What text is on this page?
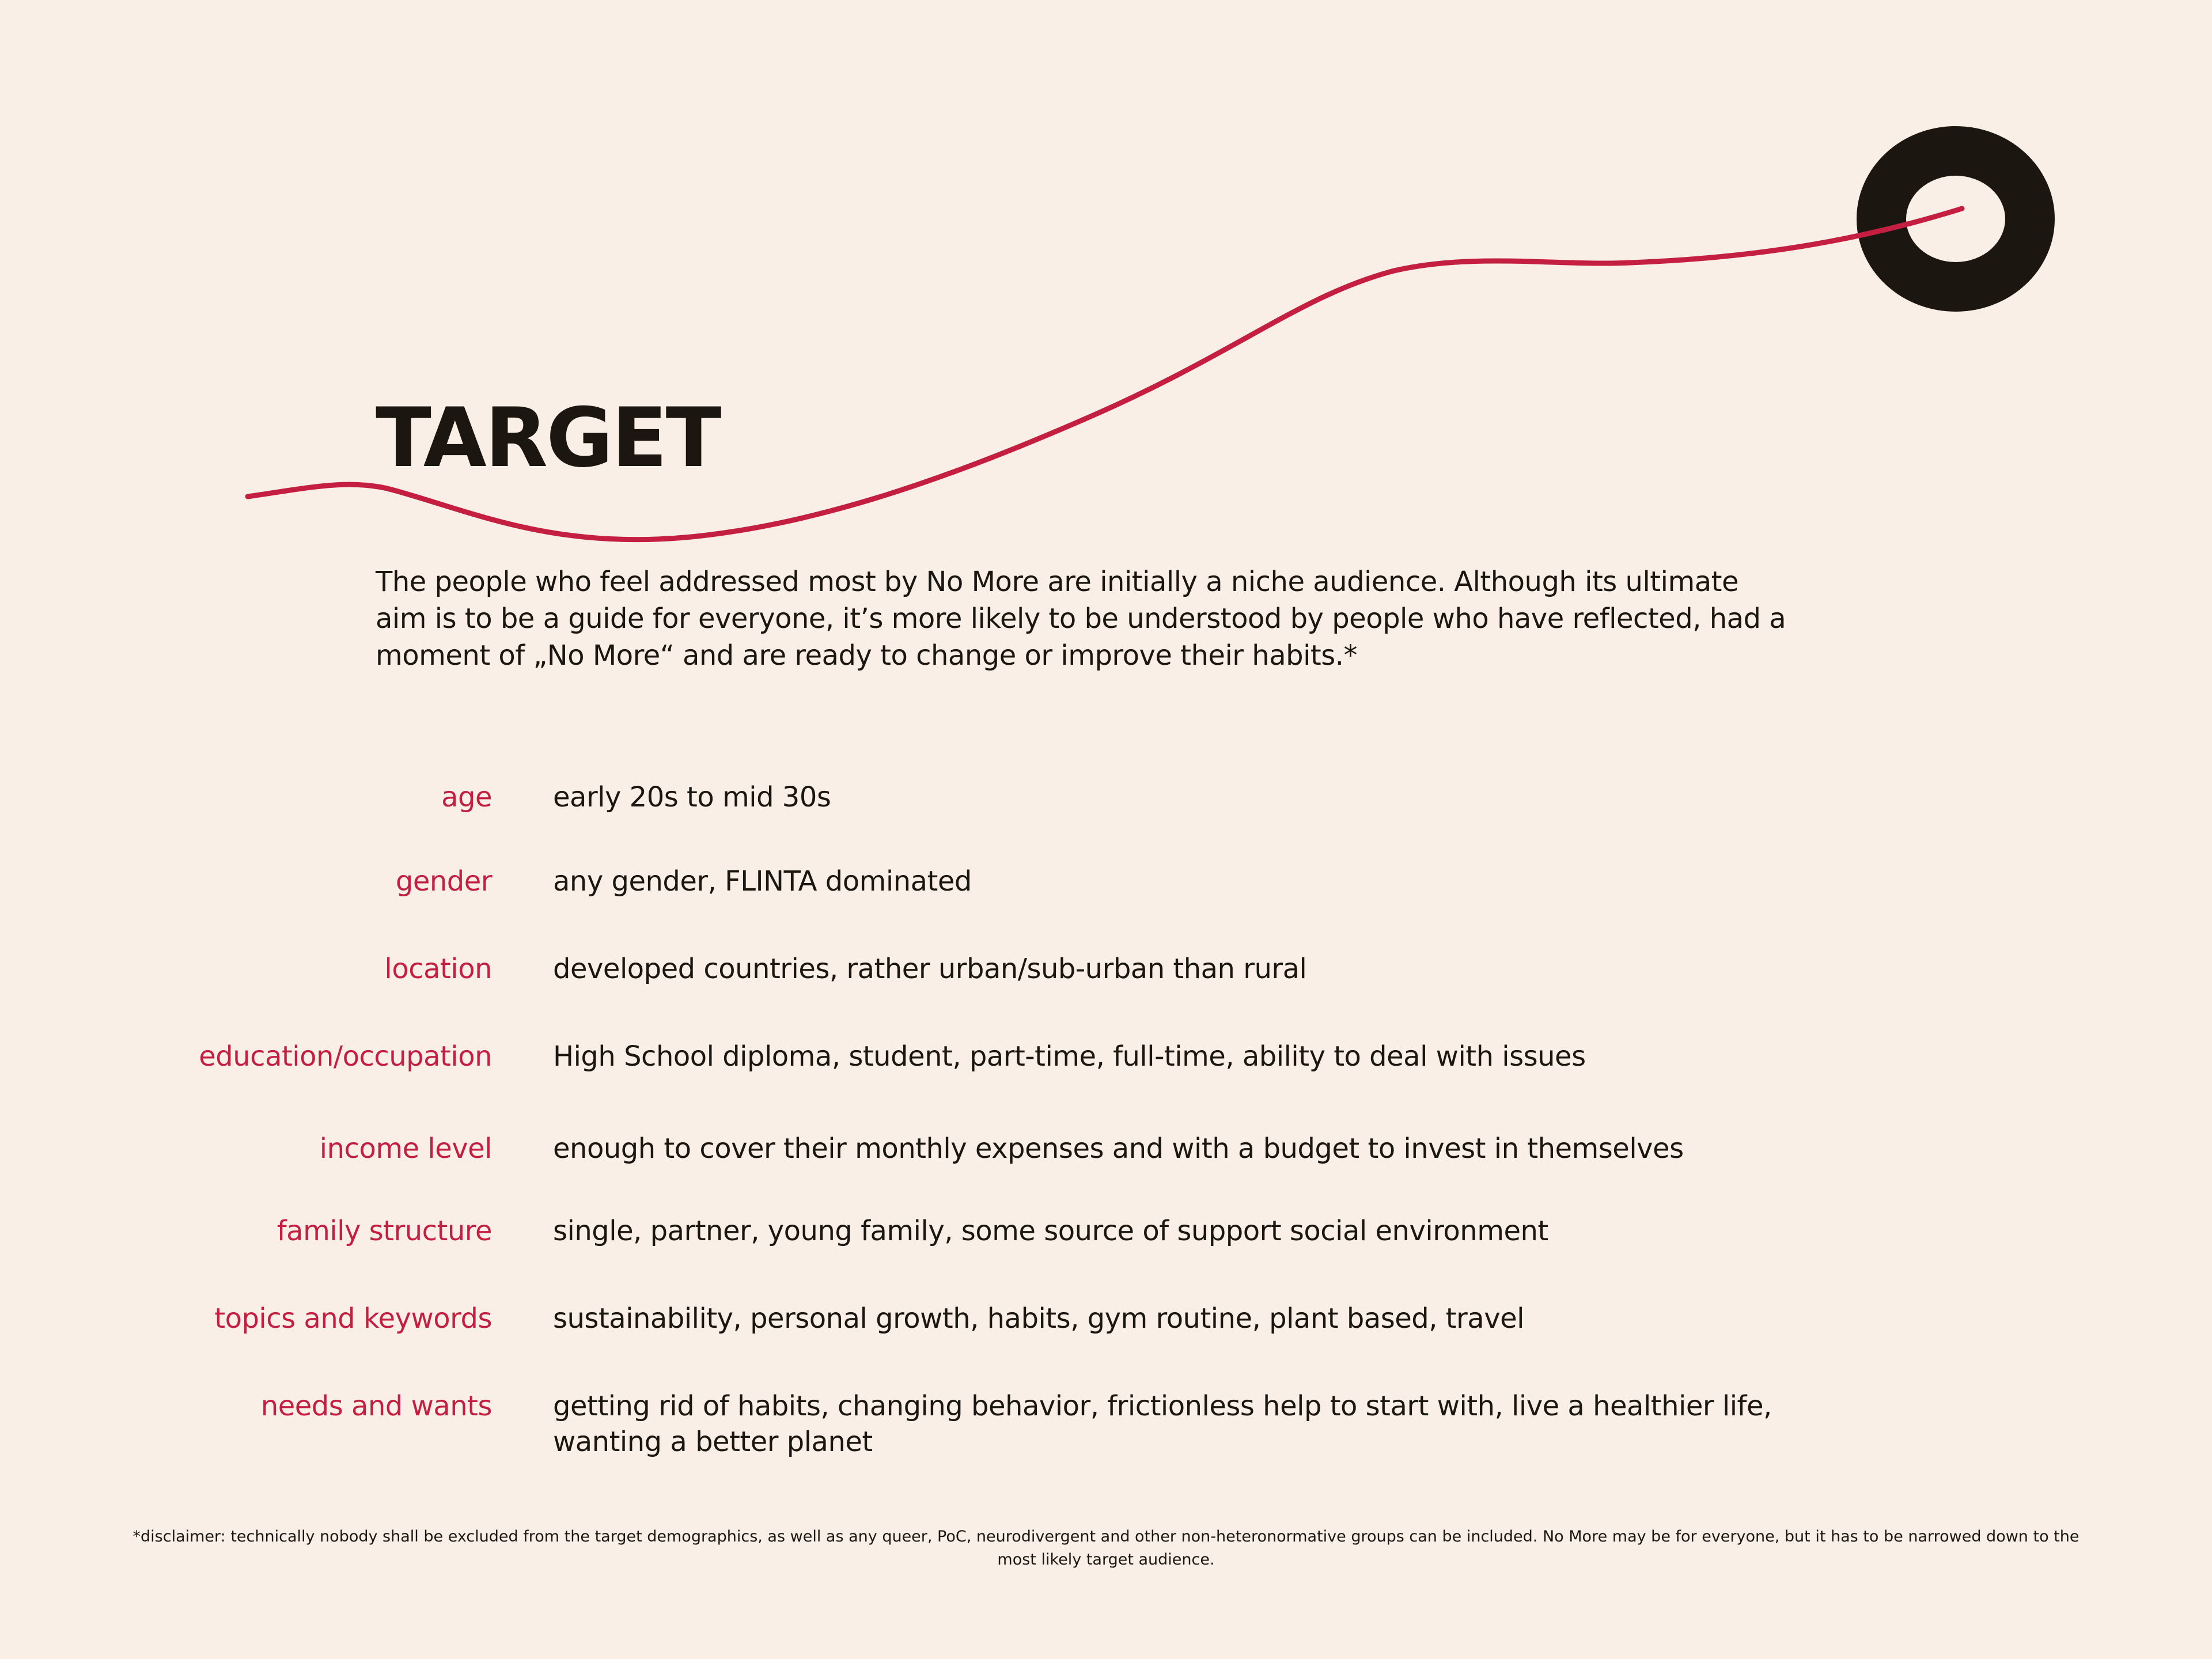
TARGET

The people who feel addressed most by No More are initially a niche audience. Although its ultimate aim is to be a guide for everyone, it’s more likely to be understood by people who have reflected, had a moment of „No More“ and are ready to change or improve their habits.*

age early 20s to mid 30s
gender any gender, FLINTA dominated
location developed countries, rather urban/sub-urban than rural
education/occupation High School diploma, student, part-time, full-time, ability to deal with issues
income level enough to cover their monthly expenses and with a budget to invest in themselves
family structure single, partner, young family, some source of support social environment
topics and keywords sustainability, personal growth, habits, gym routine, plant based, travel
needs and wants getting rid of habits, changing behavior, frictionless help to start with, live a healthier life, wanting a better planet

*disclaimer: technically nobody shall be excluded from the target demographics, as well as any queer, PoC, neurodivergent and other non-heteronormative groups can be included. No More may be for everyone, but it has to be narrowed down to the most likely target audience.
